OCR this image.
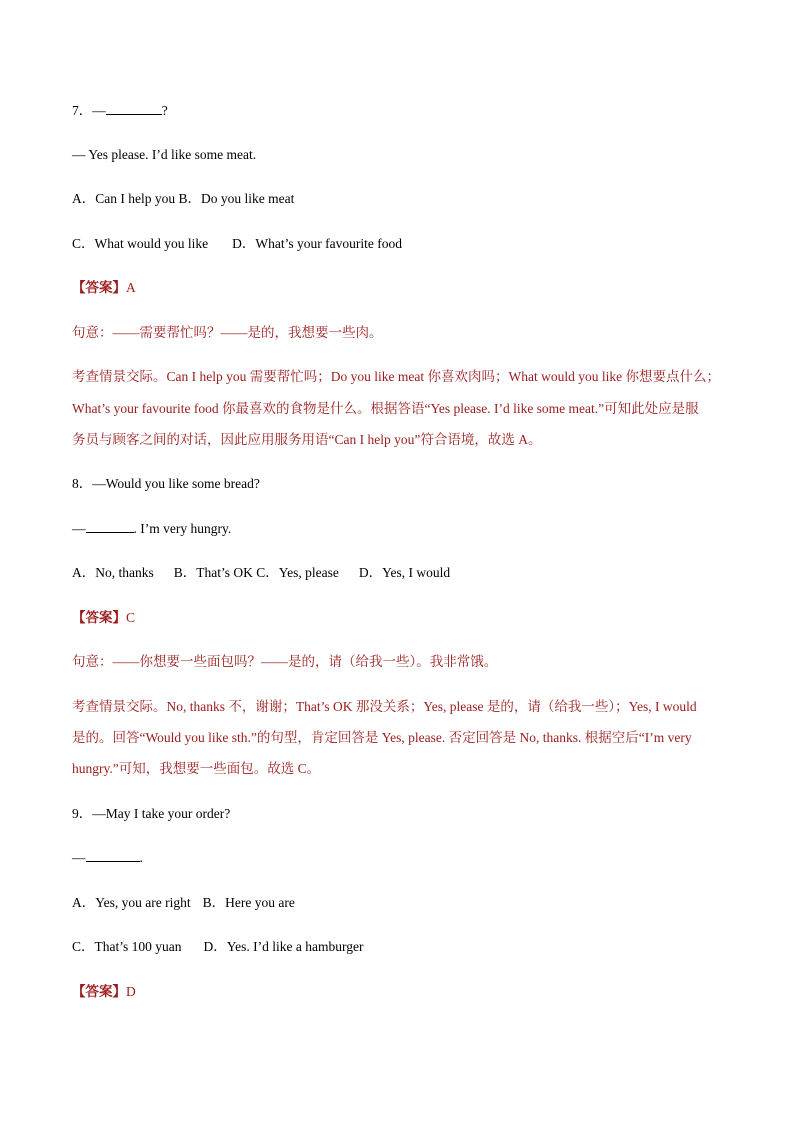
7．—	?
— Yes please. I’d like some meat.
A．Can I help you B．Do you like meat
C．What would you like D．What’s your favourite food
【答案】A
句意：——需要帮忙吗？——是的，我想要一些肉。
考查情景交际。Can I help you 需要帮忙吗；Do you like meat 你喜欢肉吗；What would you like 你想要点什么；
What’s your favourite food 你最喜欢的食物是什么。根据答语“Yes please. I’d like some meat.”可知此处应是服
务员与顾客之间的对话，因此应用服务用语“Can I help you”符合语境，故选 A。
8．—Would you like some bread?
—	. I’m very hungry.
A．No, thanks B．That’s OK C．Yes, please D．Yes, I would
【答案】C
句意：——你想要一些面包吗？——是的，请（给我一些）。我非常饿。
考查情景交际。No, thanks 不，谢谢；That’s OK 那没关系；Yes, please 是的，请（给我一些）；Yes, I would
是的。回答“Would you like sth.”的句型，肯定回答是 Yes, please. 否定回答是 No, thanks. 根据空后“I’m very
hungry.”可知，我想要一些面包。故选 C。
9．—May I take your order?
—	.
A．Yes, you are right B．Here you are
C．That’s 100 yuan D．Yes. I’d like a hamburger
【答案】D
